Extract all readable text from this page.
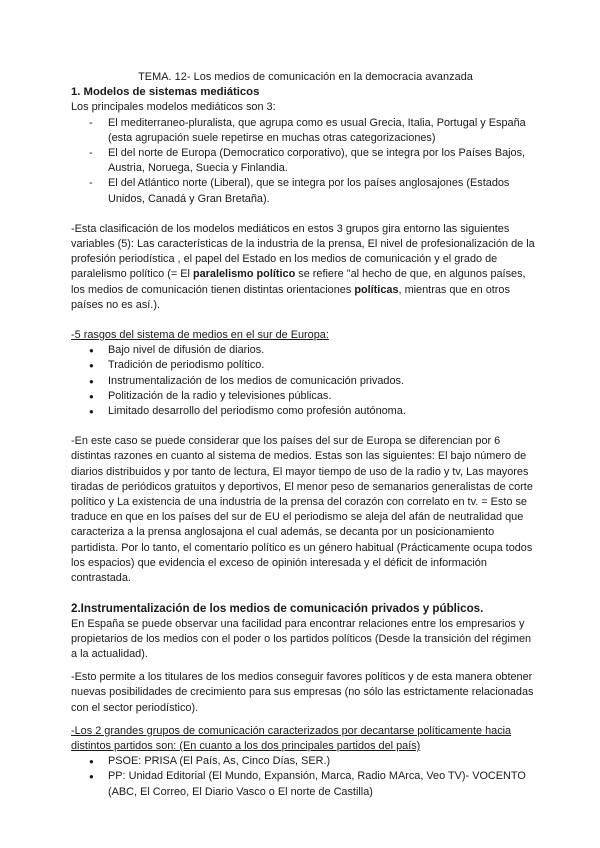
TEMA. 12- Los medios de comunicación en la democracia avanzada

1. Modelos de sistemas mediáticos

Los principales modelos mediáticos son 3:

- El mediterraneo-pluralista, que agrupa como es usual Grecia, Italia, Portugal y España (esta agrupación suele repetirse en muchas otras categorizaciones)
- El del norte de Europa (Democratico corporativo), que se integra por los Países Bajos, Austria, Noruega, Suecia y Finlandia.
- El del Atlántico norte (Liberal), que se integra por los países anglosajones (Estados Unidos, Canadá y Gran Bretaña).

-Esta clasificación de los modelos mediáticos en estos 3 grupos gira entorno las siguientes variables (5): Las características de la industria de la prensa, El nivel de profesionalización de la profesión periodística , el papel del Estado en los medios de comunicación y el grado de paralelismo político (= El paralelismo político se refiere "al hecho de que, en algunos países, los medios de comunicación tienen distintas orientaciones políticas, mientras que en otros países no es así.).

-5 rasgos del sistema de medios en el sur de Europa:

● Bajo nivel de difusión de diarios.
● Tradición de periodismo político.
● Instrumentalización de los medios de comunicación privados.
● Politización de la radio y televisiones públicas.
● Limitado desarrollo del periodismo como profesión autónoma.

-En este caso se puede considerar que los países del sur de Europa se diferencian por 6 distintas razones en cuanto al sistema de medios. Estas son las siguientes: El bajo número de diarios distribuidos y por tanto de lectura, El mayor tiempo de uso de la radio y tv, Las mayores tiradas de periódicos gratuitos y deportivos, El menor peso de semanarios generalistas de corte político y La existencia de una industria de la prensa del corazón con correlato en tv. = Esto se traduce en que en los países del sur de EU el periodismo se aleja del afán de neutralidad que caracteriza a la prensa anglosajona el cual además, se decanta por un posicionamiento partidista. Por lo tanto, el comentario político es un género habitual (Prácticamente ocupa todos los espacios) que evidencia el exceso de opinión interesada y el déficit de información contrastada.

2.Instrumentalización de los medios de comunicación privados y públicos.

En España se puede observar una facilidad para encontrar relaciones entre los empresarios y propietarios de los medios con el poder o los partidos políticos (Desde la transición del régimen a la actualidad).

-Esto permite a los titulares de los medios conseguir favores políticos y de esta manera obtener nuevas posibilidades de crecimiento para sus empresas (no sólo las estrictamente relacionadas con el sector periodístico).

-Los 2 grandes grupos de comunicación caracterizados por decantarse políticamente hacia distintos partidos son: (En cuanto a los dos principales partidos del país)

● PSOE: PRISA (El País, As, Cinco Días, SER.)
● PP: Unidad Editorial (El Mundo, Expansión, Marca, Radio MArca, Veo TV)- VOCENTO (ABC, El Correo, El Diario Vasco o El norte de Castilla)
